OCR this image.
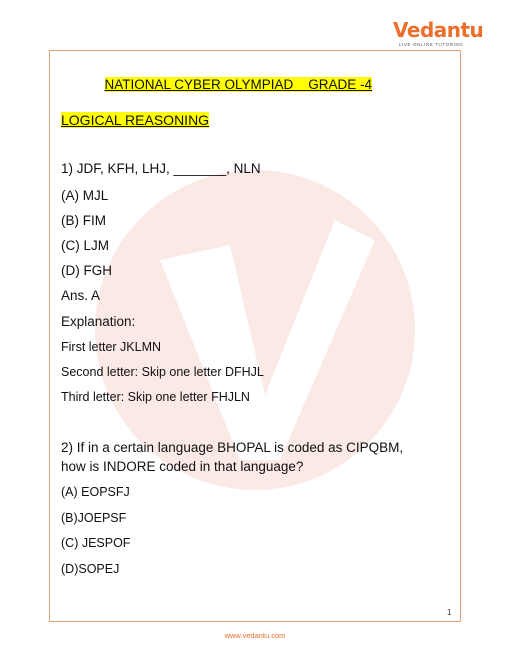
Vedantu
LIVE ONLINE TUTORING

NATIONAL CYBER OLYMPIAD    GRADE -4

LOGICAL REASONING
1) JDF, KFH, LHJ, _______, NLN
(A) MJL
(B) FIM
(C) LJM
(D) FGH
Ans. A
Explanation:
First letter JKLMN
Second letter: Skip one letter DFHJL
Third letter: Skip one letter FHJLN
2) If in a certain language BHOPAL is coded as CIPQBM,
how is INDORE coded in that language?
(A) EOPSFJ
(B)JOEPSF
(C) JESPOF
(D)SOPEJ
1
www.vedantu.com
